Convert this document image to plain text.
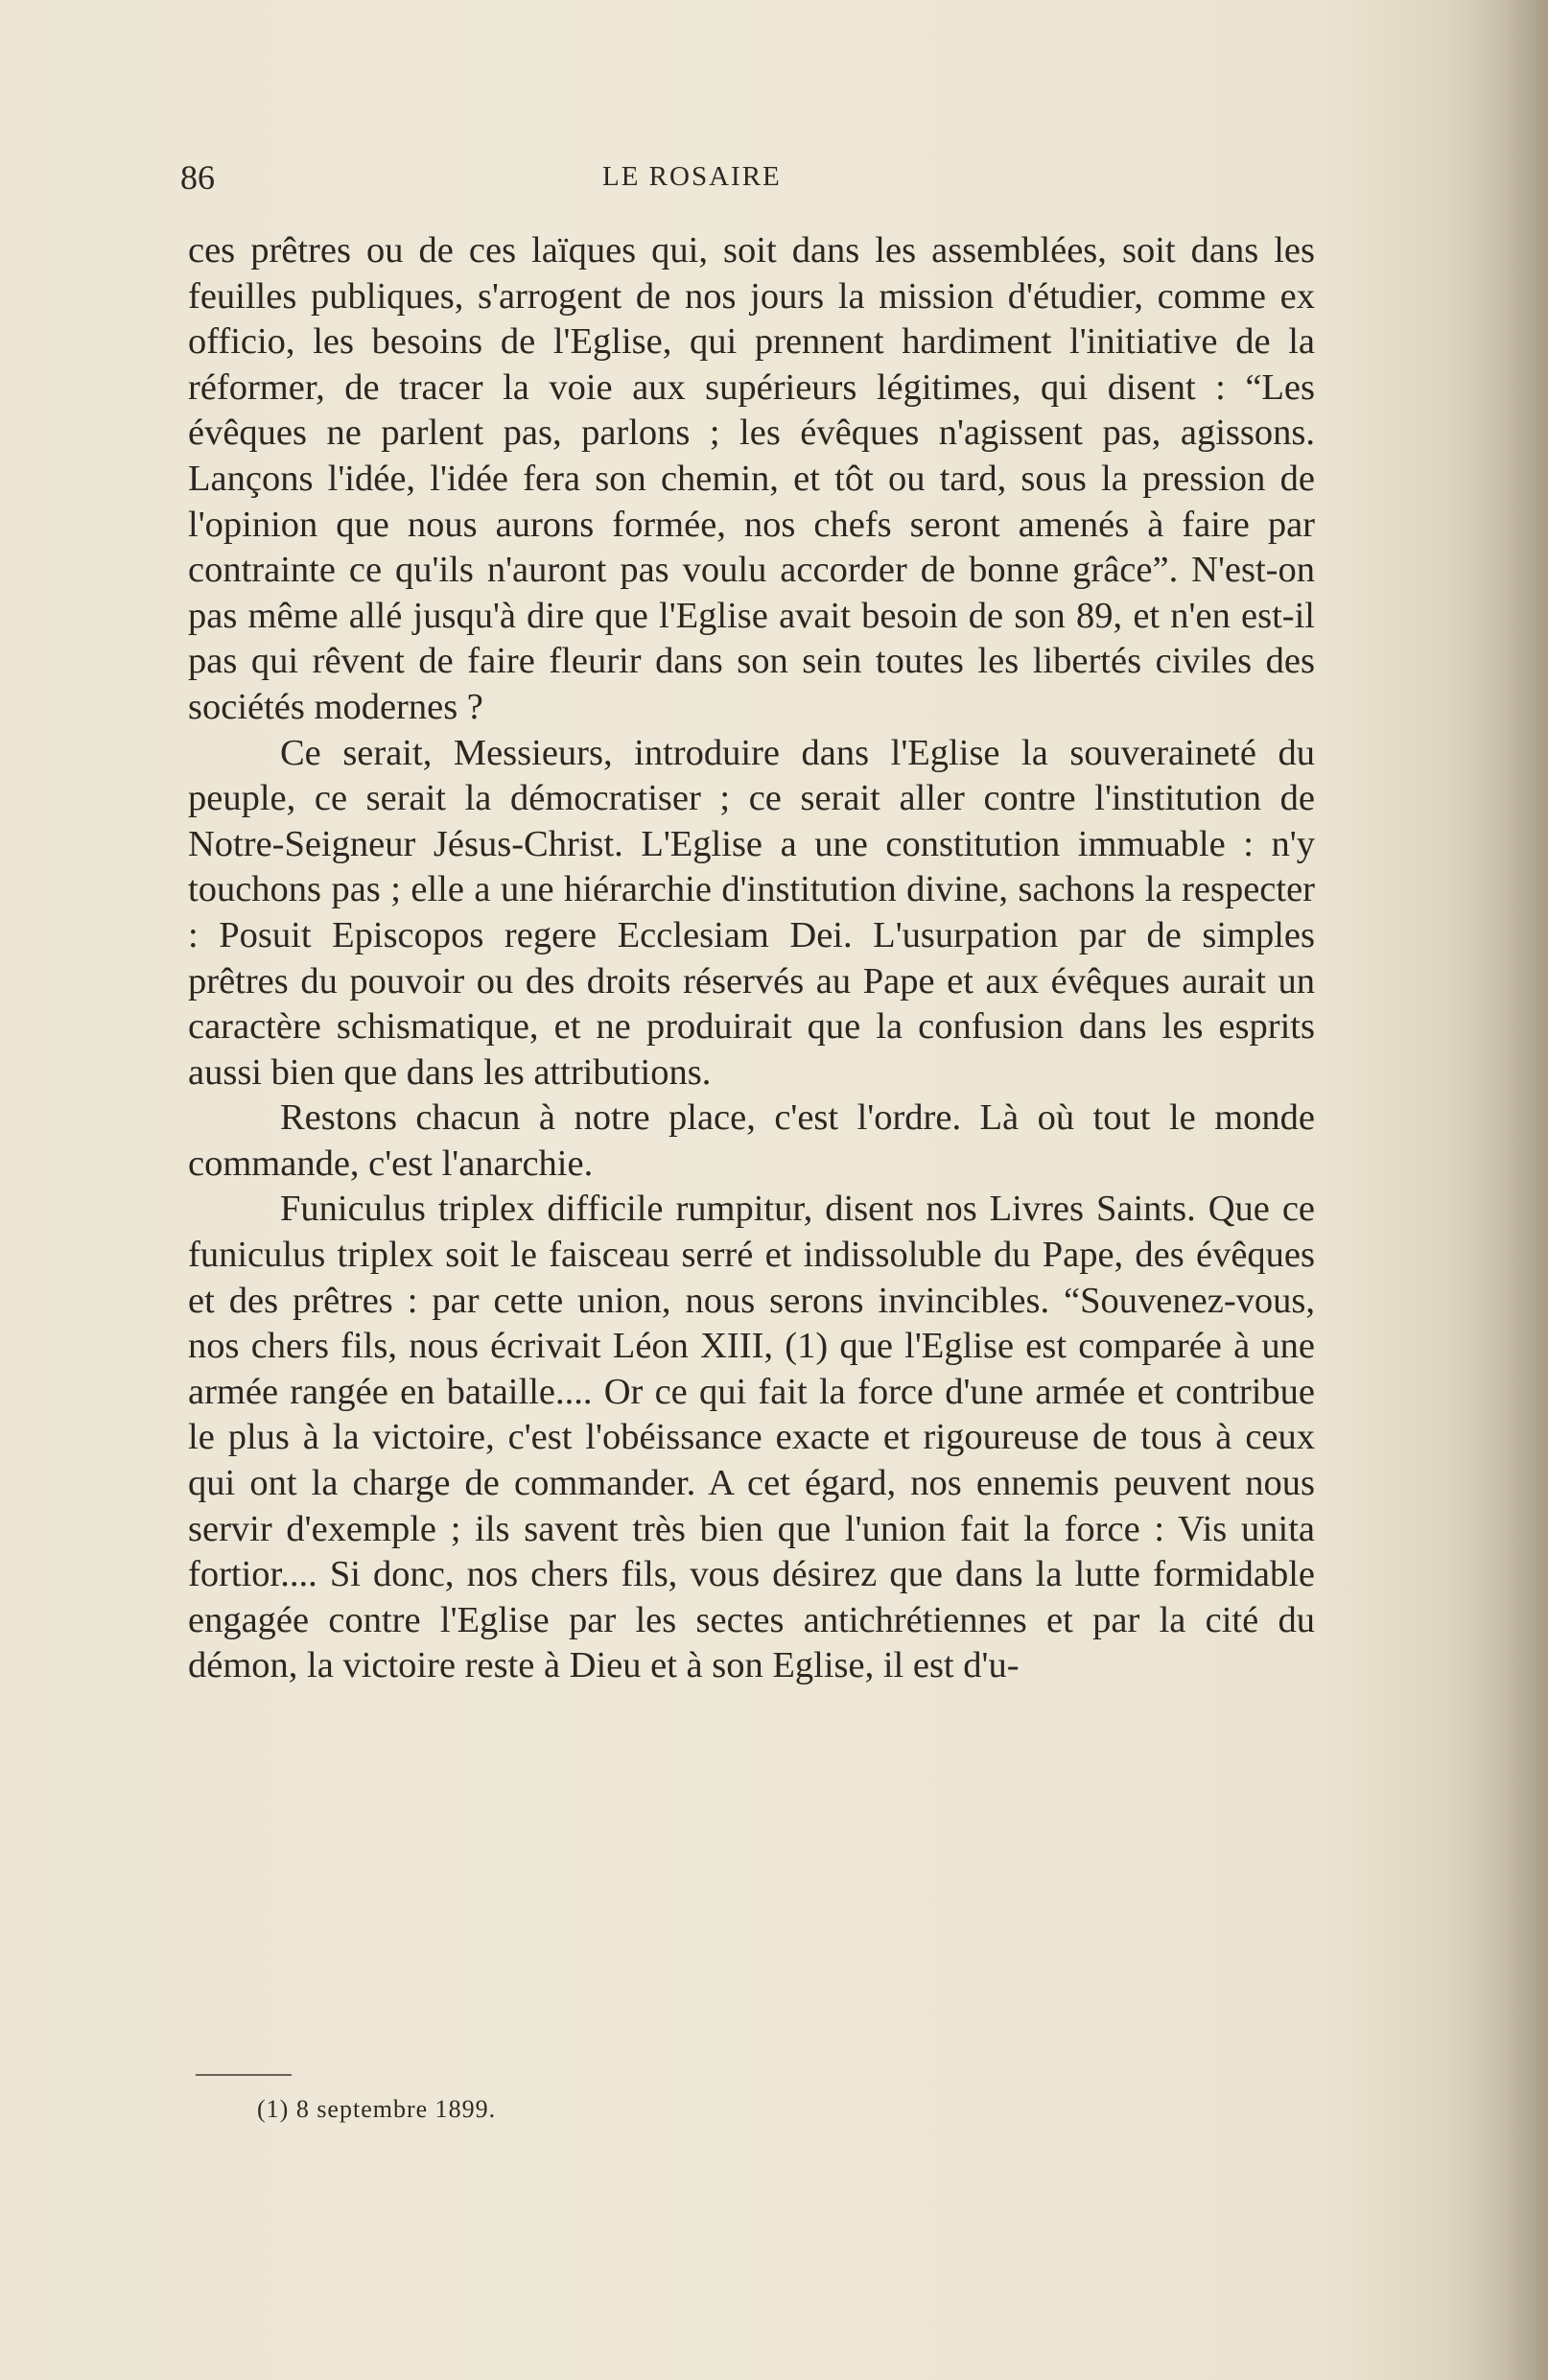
86	LE ROSAIRE

ces prêtres ou de ces laïques qui, soit dans les assemblées, soit dans les feuilles publiques, s'arrogent de nos jours la mission d'étudier, comme ex officio, les besoins de l'Eglise, qui prennent hardiment l'initiative de la réformer, de tracer la voie aux supérieurs légitimes, qui disent : “Les évêques ne parlent pas, parlons ; les évêques n'agissent pas, agissons. Lançons l'idée, l'idée fera son chemin, et tôt ou tard, sous la pression de l'opinion que nous aurons formée, nos chefs seront amenés à faire par contrainte ce qu'ils n'auront pas voulu accorder de bonne grâce”. N'est-on pas même allé jusqu'à dire que l'Eglise avait besoin de son 89, et n'en est-il pas qui rêvent de faire fleurir dans son sein toutes les libertés civiles des sociétés modernes ?

Ce serait, Messieurs, introduire dans l'Eglise la souveraineté du peuple, ce serait la démocratiser ; ce serait aller contre l'institution de Notre-Seigneur Jésus-Christ. L'Eglise a une constitution immuable : n'y touchons pas ; elle a une hiérarchie d'institution divine, sachons la respecter : Posuit Episcopos regere Ecclesiam Dei. L'usurpation par de simples prêtres du pouvoir ou des droits réservés au Pape et aux évêques aurait un caractère schismatique, et ne produirait que la confusion dans les esprits aussi bien que dans les attributions.

Restons chacun à notre place, c'est l'ordre. Là où tout le monde commande, c'est l'anarchie.

Funiculus triplex difficile rumpitur, disent nos Livres Saints. Que ce funiculus triplex soit le faisceau serré et indissoluble du Pape, des évêques et des prêtres : par cette union, nous serons invincibles. “Souvenez-vous, nos chers fils, nous écrivait Léon XIII, (1) que l'Eglise est comparée à une armée rangée en bataille.... Or ce qui fait la force d'une armée et contribue le plus à la victoire, c'est l'obéissance exacte et rigoureuse de tous à ceux qui ont la charge de commander. A cet égard, nos ennemis peuvent nous servir d'exemple ; ils savent très bien que l'union fait la force : Vis unita fortior.... Si donc, nos chers fils, vous désirez que dans la lutte formidable engagée contre l'Eglise par les sectes antichrétiennes et par la cité du démon, la victoire reste à Dieu et à son Eglise, il est d'u-

(1) 8 septembre 1899.
